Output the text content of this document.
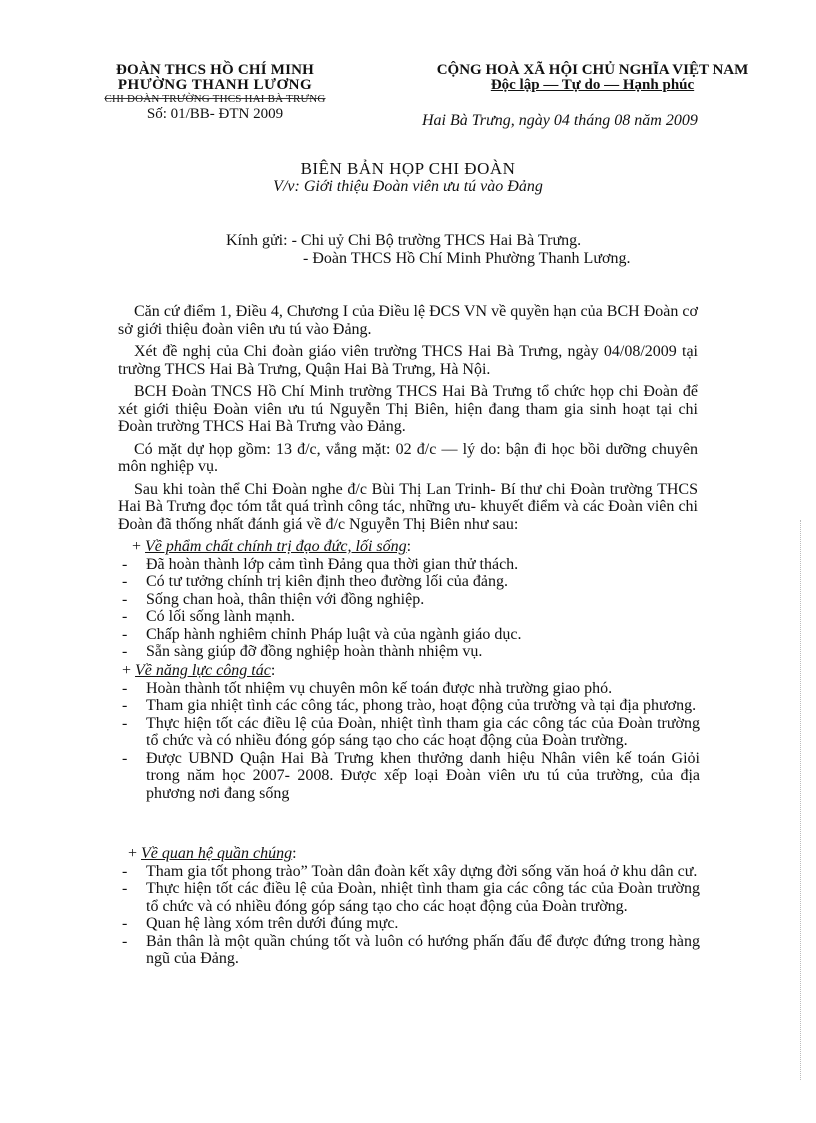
ĐOÀN THCS HỒ CHÍ MINH
PHƯỜNG THANH LƯƠNG
CHI ĐOÀN TRƯỜNG THCS HAI BÀ TRƯNG
Số: 01/BB- ĐTN 2009
CỘNG HOÀ XÃ HỘI CHỦ NGHĨA VIỆT NAM
Độc lập — Tự do — Hạnh phúc
Hai Bà Trưng, ngày 04 tháng 08 năm 2009
BIÊN BẢN HỌP CHI ĐOÀN
V/v: Giới thiệu Đoàn viên ưu tú vào Đảng
Kính gửi: - Chi uỷ Chi Bộ trường THCS Hai Bà Trưng.
- Đoàn THCS Hồ Chí Minh Phường Thanh Lương.

Căn cứ điểm 1, Điều 4, Chương I của Điều lệ ĐCS VN về quyền hạn của BCH Đoàn cơ sở giới thiệu đoàn viên ưu tú vào Đảng.

Xét đề nghị của Chi đoàn giáo viên trường THCS Hai Bà Trưng, ngày 04/08/2009 tại trường THCS Hai Bà Trưng, Quận Hai Bà Trưng, Hà Nội.

BCH Đoàn TNCS Hồ Chí Minh trường THCS Hai Bà Trưng tổ chức họp chi Đoàn để xét giới thiệu Đoàn viên ưu tú Nguyễn Thị Biên, hiện đang tham gia sinh hoạt tại chi Đoàn trường THCS Hai Bà Trưng vào Đảng.

Có mặt dự họp gồm: 13 đ/c, vắng mặt: 02 đ/c — lý do: bận đi học bồi dưỡng chuyên môn nghiệp vụ.

Sau khi toàn thể Chi Đoàn nghe đ/c Bùi Thị Lan Trinh- Bí thư chi Đoàn trường THCS Hai Bà Trưng đọc tóm tắt quá trình công tác, những ưu- khuyết điểm và các Đoàn viên chi Đoàn đã thống nhất đánh giá về đ/c Nguyễn Thị Biên như sau:

+ Về phẩm chất chính trị đạo đức, lối sống:
- Đã hoàn thành lớp cảm tình Đảng qua thời gian thử thách.
- Có tư tưởng chính trị kiên định theo đường lối của đảng.
- Sống chan hoà, thân thiện với đồng nghiệp.
- Có lối sống lành mạnh.
- Chấp hành nghiêm chỉnh Pháp luật và của ngành giáo dục.
- Sẵn sàng giúp đỡ đồng nghiệp hoàn thành nhiệm vụ.
+ Về năng lực công tác:
- Hoàn thành tốt nhiệm vụ chuyên môn kế toán được nhà trường giao phó.
- Tham gia nhiệt tình các công tác, phong trào, hoạt động của trường và tại địa phương.
- Thực hiện tốt các điều lệ của Đoàn, nhiệt tình tham gia các công tác của Đoàn trường tổ chức và có nhiều đóng góp sáng tạo cho các hoạt động của Đoàn trường.
- Được UBND Quận Hai Bà Trưng khen thưởng danh hiệu Nhân viên kế toán Giỏi trong năm học 2007- 2008. Được xếp loại Đoàn viên ưu tú của trường, của địa phương nơi đang sống
+ Về quan hệ quần chúng:
- Tham gia tốt phong trào” Toàn dân đoàn kết xây dựng đời sống văn hoá ở khu dân cư.
- Thực hiện tốt các điều lệ của Đoàn, nhiệt tình tham gia các công tác của Đoàn trường tổ chức và có nhiều đóng góp sáng tạo cho các hoạt động của Đoàn trường.
- Quan hệ làng xóm trên dưới đúng mực.
- Bản thân là một quần chúng tốt và luôn có hướng phấn đấu để được đứng trong hàng ngũ của Đảng.
